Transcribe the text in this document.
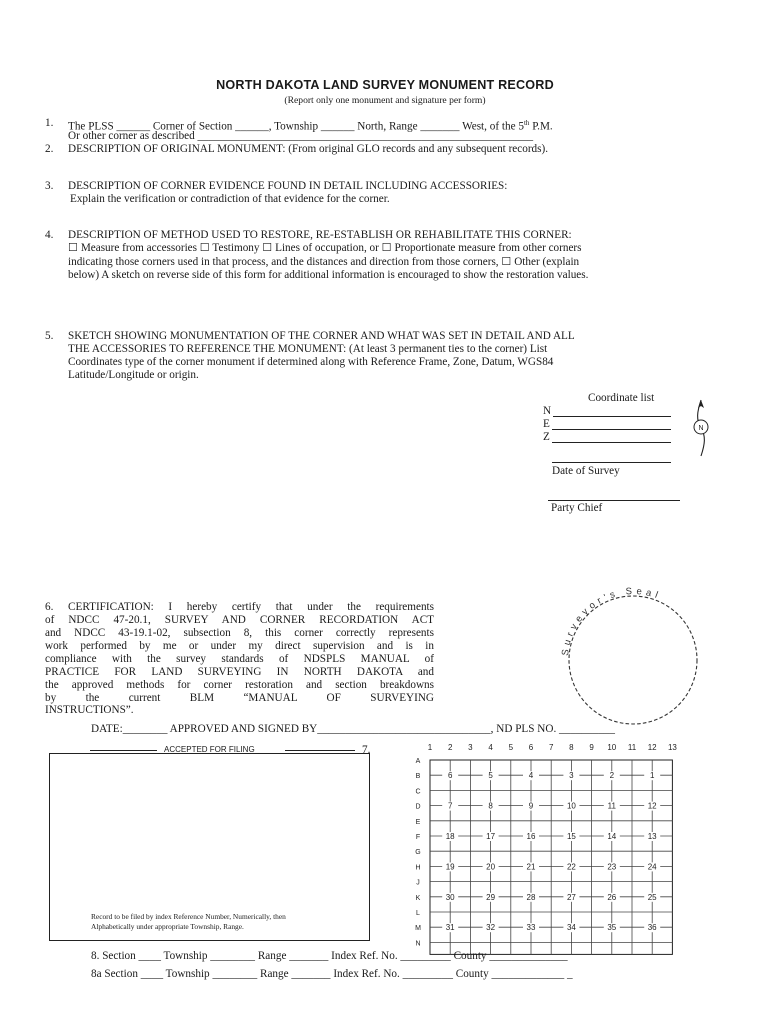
NORTH DAKOTA LAND SURVEY MONUMENT RECORD
(Report only one monument and signature per form)
1. The PLSS ______ Corner of Section ______, Township ______ North, Range _______ West, of the 5th P.M.
Or other corner as described ____________________________________________________________
2. DESCRIPTION OF ORIGINAL MONUMENT: (From original GLO records and any subsequent records).
3. DESCRIPTION OF CORNER EVIDENCE FOUND IN DETAIL INCLUDING ACCESSORIES:
Explain the verification or contradiction of that evidence for the corner.
4. DESCRIPTION OF METHOD USED TO RESTORE, RE-ESTABLISH OR REHABILITATE THIS CORNER:
☐ Measure from accessories ☐ Testimony ☐ Lines of occupation, or ☐ Proportionate measure from other corners
indicating those corners used in that process, and the distances and direction from those corners, ☐ Other (explain
below) A sketch on reverse side of this form for additional information is encouraged to show the restoration values.
5. SKETCH SHOWING MONUMENTATION OF THE CORNER AND WHAT WAS SET IN DETAIL AND ALL
THE ACCESSORIES TO REFERENCE THE MONUMENT: (At least 3 permanent ties to the corner) List
Coordinates type of the corner monument if determined along with Reference Frame, Zone, Datum, WGS84
Latitude/Longitude or origin.
Coordinate list
N
E
Z
N
Date of Survey
Party Chief
6. CERTIFICATION: I hereby certify that under the requirements
of NDCC 47-20.1, SURVEY AND CORNER RECORDATION ACT
and NDCC 43-19.1-02, subsection 8, this corner correctly represents
work performed by me or under my direct supervision and is in
compliance with the survey standards of NDSPLS MANUAL of
PRACTICE FOR LAND SURVEYING IN NORTH DAKOTA and
the approved methods for corner restoration and section breakdowns
by the current BLM “MANUAL OF SURVEYING
INSTRUCTIONS”.
Surveyor's Seal
DATE:________ APPROVED AND SIGNED BY_______________________________, ND PLS NO. __________
ACCEPTED FOR FILING	7.
Record to be filed by index Reference Number, Numerically, then
Alphabetically under appropriate Township, Range.
1 2 3 4 5 6 7 8 9 10 11 12 13
A
B
C
D
E
F
G
H
J
K
L
M
N
6	5	4	3	2	1
7	8	9	10	11	12
18	17	16	15	14	13
19	20	21	22	23	24
30	29	28	27	26	25
31	32	33	34	35	36
8. Section ____ Township ________ Range _______ Index Ref. No. _________ County ______________
8a Section ____ Township ________ Range _______ Index Ref. No. _________ County _____________ _
